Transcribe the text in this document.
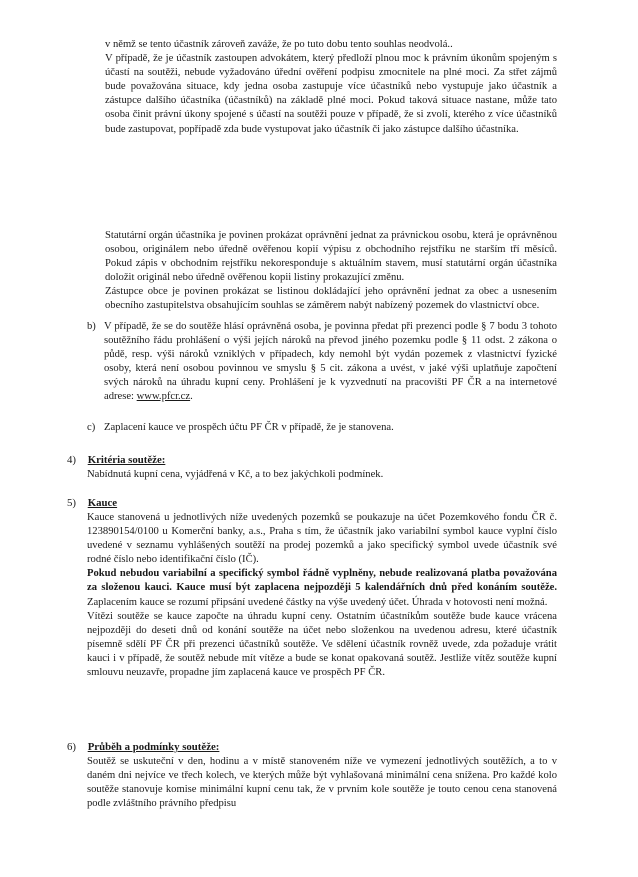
v němž se tento účastník zároveň zaváže, že po tuto dobu tento souhlas neodvolá..

V případě, že je účastník zastoupen advokátem, který předloží plnou moc k právním úkonům spojeným s účastí na soutěži, nebude vyžadováno úřední ověření podpisu zmocnitele na plné moci. Za střet zájmů bude považována situace, kdy jedna osoba zastupuje více účastníků nebo vystupuje jako účastník a zástupce dalšího účastníka (účastníků) na základě plné moci. Pokud taková situace nastane, může tato osoba činit právní úkony spojené s účastí na soutěži pouze v případě, že si zvolí, kterého z více účastníků bude zastupovat, popřípadě zda bude vystupovat jako účastník či jako zástupce dalšího účastníka.

Statutární orgán účastníka je povinen prokázat oprávnění jednat za právnickou osobu, která je oprávněnou osobou, originálem nebo úředně ověřenou kopií výpisu z obchodního rejstříku ne starším tří měsíců. Pokud zápis v obchodním rejstříku nekoresponduje s aktuálním stavem, musí statutární orgán účastníka doložit originál nebo úředně ověřenou kopii listiny prokazující změnu.

Zástupce obce je povinen prokázat se listinou dokládající jeho oprávnění jednat za obec a usnesením obecního zastupitelstva obsahujícím souhlas se záměrem nabýt nabízený pozemek do vlastnictví obce.

b) V případě, že se do soutěže hlásí oprávněná osoba, je povinna předat při prezenci podle § 7 bodu 3 tohoto soutěžního řádu prohlášení o výši jejích nároků na převod jiného pozemku podle § 11 odst. 2 zákona o půdě, resp. výši nároků vzniklých v případech, kdy nemohl být vydán pozemek z vlastnictví fyzické osoby, která není osobou povinnou ve smyslu § 5 cit. zákona a uvést, v jaké výši uplatňuje započtení svých nároků na úhradu kupní ceny. Prohlášení je k vyzvednutí na pracovišti PF ČR a na internetové adrese: www.pfcr.cz.
c) Zaplacení kauce ve prospěch účtu PF ČR v případě, že je stanovena.
4) Kritéria soutěže:
Nabídnutá kupní cena, vyjádřená v Kč, a to bez jakýchkoli podmínek.
5) Kauce

Kauce stanovená u jednotlivých níže uvedených pozemků se poukazuje na účet Pozemkového fondu ČR č. 123890154/0100 u Komerční banky, a.s., Praha s tím, že účastník jako variabilní symbol kauce vyplní číslo uvedené v seznamu vyhlášených soutěží na prodej pozemků a jako specifický symbol uvede účastník své rodné číslo nebo identifikační číslo (IČ).

Pokud nebudou variabilní a specifický symbol řádně vyplněny, nebude realizovaná platba považována za složenou kauci. Kauce musí být zaplacena nejpozději 5 kalendářních dnů před konáním soutěže. Zaplacením kauce se rozumí připsání uvedené částky na výše uvedený účet. Úhrada v hotovosti není možná.

Vítězi soutěže se kauce započte na úhradu kupní ceny. Ostatním účastníkům soutěže bude kauce vrácena nejpozději do deseti dnů od konání soutěže na účet nebo složenkou na uvedenou adresu, které účastník písemně sdělí PF ČR při prezenci účastníků soutěže. Ve sdělení účastník rovněž uvede, zda požaduje vrátit kauci i v případě, že soutěž nebude mít vítěze a bude se konat opakovaná soutěž. Jestliže vítěz soutěže kupní smlouvu neuzavře, propadne jím zaplacená kauce ve prospěch PF ČR.

6) Průběh a podmínky soutěže:
Soutěž se uskuteční v den, hodinu a v místě stanoveném níže ve vymezení jednotlivých soutěžích, a to v daném dni nejvíce ve třech kolech, ve kterých může být vyhlašovaná minimální cena snížena. Pro každé kolo soutěže stanovuje komise minimální kupní cenu tak, že v prvním kole soutěže je touto cenou cena stanovená podle zvláštního právního předpisu
